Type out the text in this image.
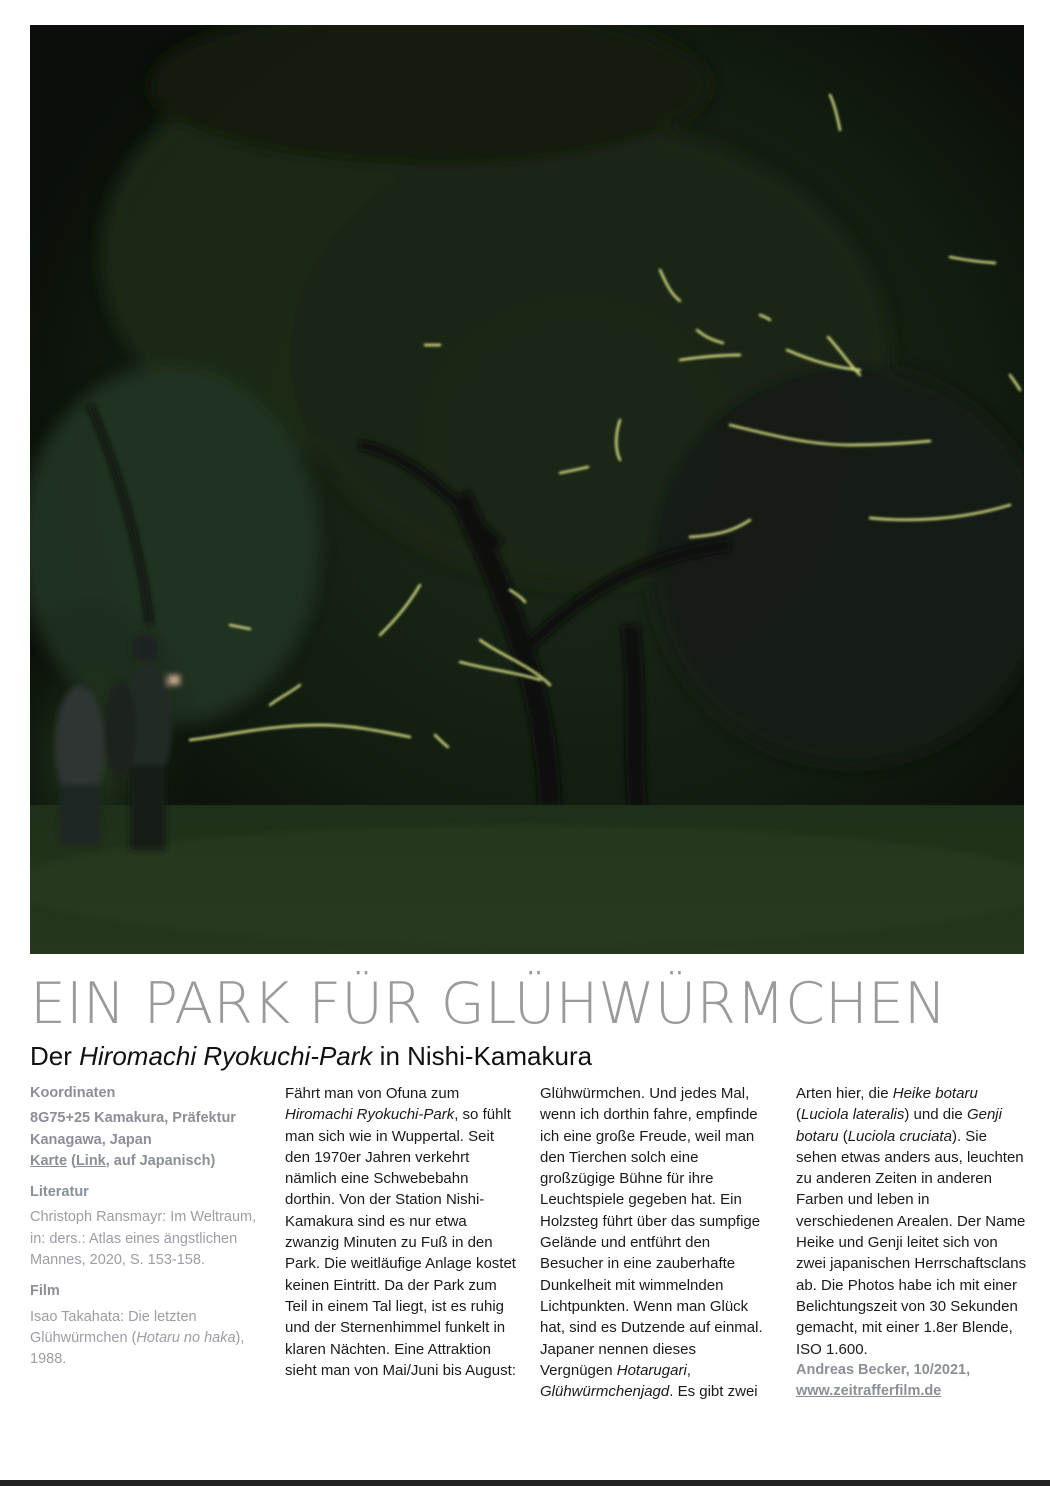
EIN PARK FÜR GLÜHWÜRMCHEN
Der Hiromachi Ryokuchi-Park in Nishi-Kamakura

Koordinaten

8G75+25 Kamakura, Präfektur Kanagawa, Japan
Karte (Link, auf Japanisch)

Literatur

Christoph Ransmayr: Im Weltraum, in: ders.: Atlas eines ängstlichen Mannes, 2020, S. 153-158.

Film

Isao Takahata: Die letzten Glühwürmchen (Hotaru no haka), 1988.

Fährt man von Ofuna zum Hiromachi Ryokuchi-Park, so fühlt man sich wie in Wuppertal. Seit den 1970er Jahren verkehrt nämlich eine Schwebebahn dorthin. Von der Station Nishi-Kamakura sind es nur etwa zwanzig Minuten zu Fuß in den Park. Die weitläufige Anlage kostet keinen Eintritt. Da der Park zum Teil in einem Tal liegt, ist es ruhig und der Sternenhimmel funkelt in klaren Nächten. Eine Attraktion sieht man von Mai/Juni bis August:

Glühwürmchen. Und jedes Mal, wenn ich dorthin fahre, empfinde ich eine große Freude, weil man den Tierchen solch eine großzügige Bühne für ihre Leuchtspiele gegeben hat. Ein Holzsteg führt über das sumpfige Gelände und entführt den Besucher in eine zauberhafte Dunkelheit mit wimmelnden Lichtpunkten. Wenn man Glück hat, sind es Dutzende auf einmal. Japaner nennen dieses Vergnügen Hotarugari, Glühwürmchenjagd. Es gibt zwei

Arten hier, die Heike botaru (Luciola lateralis) und die Genji botaru (Luciola cruciata). Sie sehen etwas anders aus, leuchten zu anderen Zeiten in anderen Farben und leben in verschiedenen Arealen. Der Name Heike und Genji leitet sich von zwei japanischen Herrschaftsclans ab. Die Photos habe ich mit einer Belichtungszeit von 30 Sekunden gemacht, mit einer 1.8er Blende, ISO 1.600.

Andreas Becker, 10/2021,
www.zeitrafferfilm.de
